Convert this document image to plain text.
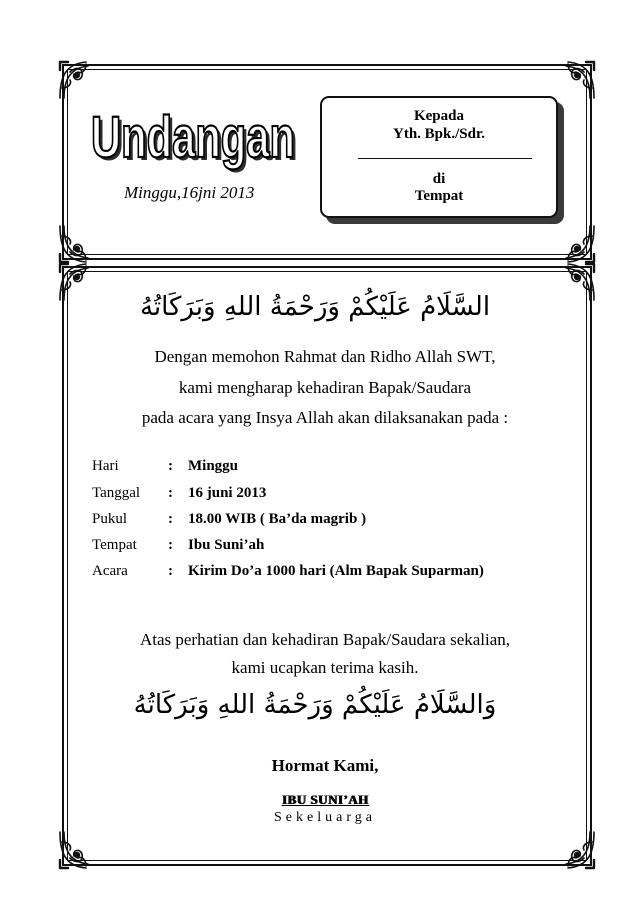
Undangan
Undangan
Minggu,16jni 2013
Kepada
Yth. Bpk./Sdr.
di
Tempat
السَّلَامُ عَلَيْكُمْ وَرَحْمَةُ اللهِ وَبَرَكَاتُهُ
Dengan memohon Rahmat dan Ridho Allah SWT,
kami mengharap kehadiran Bapak/Saudara
pada acara yang Insya Allah akan dilaksanakan pada :
Hari	: Minggu
Tanggal : 16 juni 2013
Pukul	: 18.00 WIB ( Ba’da magrib )
Tempat : Ibu Suni’ah
Acara	: Kirim Do’a 1000 hari (Alm Bapak Suparman)
Atas perhatian dan kehadiran Bapak/Saudara sekalian,
kami ucapkan terima kasih.
وَالسَّلَامُ عَلَيْكُمْ وَرَحْمَةُ اللهِ وَبَرَكَاتُهُ
Hormat Kami,
IBU SUNI’AH
Sekeluarga
